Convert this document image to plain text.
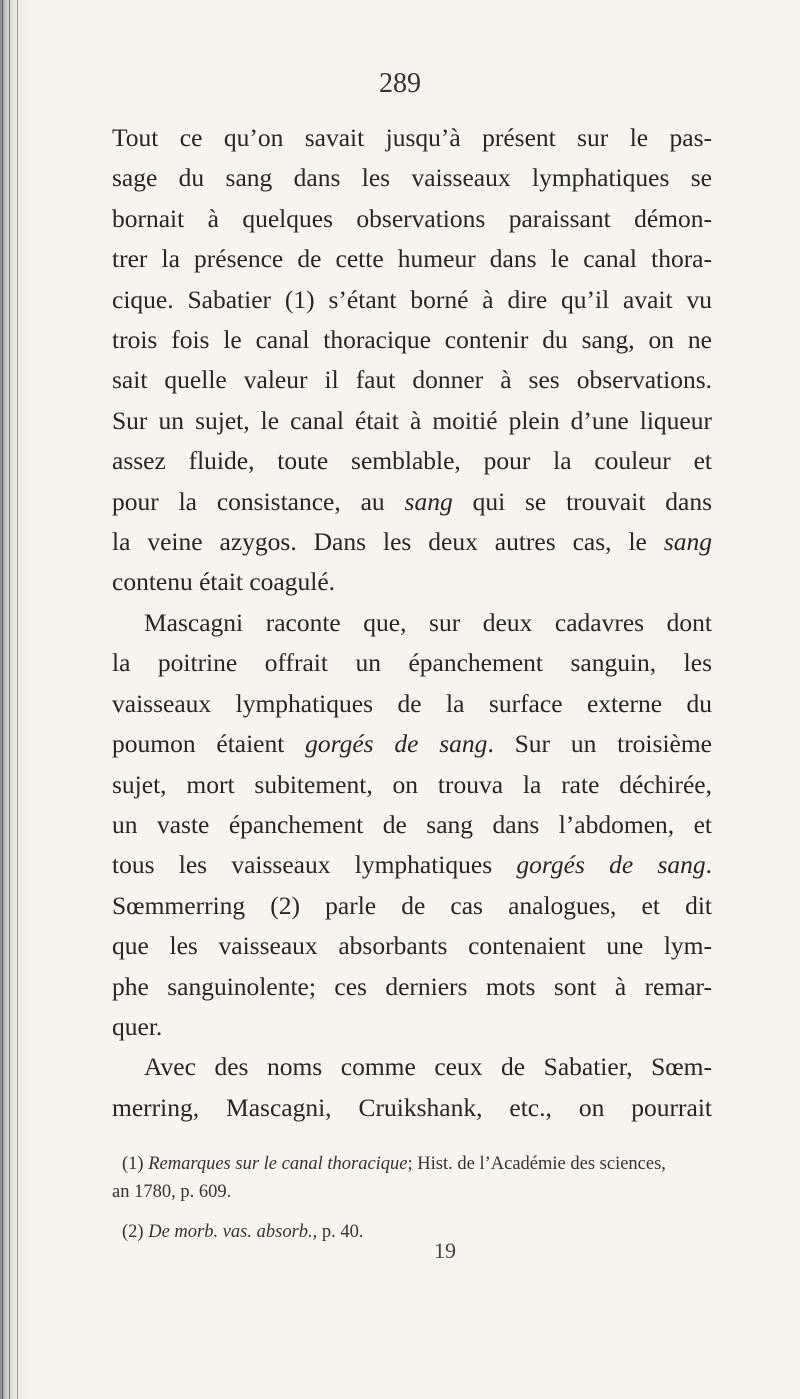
289
Tout ce qu’on savait jusqu’à présent sur le pas-
sage du sang dans les vaisseaux lymphatiques se
bornait à quelques observations paraissant démon-
trer la présence de cette humeur dans le canal thora-
cique. Sabatier (1) s’étant borné à dire qu’il avait vu
trois fois le canal thoracique contenir du sang, on ne
sait quelle valeur il faut donner à ses observations.
Sur un sujet, le canal était à moitié plein d’une liqueur
assez fluide, toute semblable, pour la couleur et
pour la consistance, au sang qui se trouvait dans
la veine azygos. Dans les deux autres cas, le sang
contenu était coagulé.
Mascagni raconte que, sur deux cadavres dont
la poitrine offrait un épanchement sanguin, les
vaisseaux lymphatiques de la surface externe du
poumon étaient gorgés de sang. Sur un troisième
sujet, mort subitement, on trouva la rate déchirée,
un vaste épanchement de sang dans l’abdomen, et
tous les vaisseaux lymphatiques gorgés de sang.
Sœmmerring (2) parle de cas analogues, et dit
que les vaisseaux absorbants contenaient une lym-
phe sanguinolente; ces derniers mots sont à remar-
quer.
Avec des noms comme ceux de Sabatier, Sœm-
merring, Mascagni, Cruikshank, etc., on pourrait
(1) Remarques sur le canal thoracique; Hist. de l’Académie des sciences,
an 1780, p. 609.
(2) De morb. vas. absorb., p. 40.
19
